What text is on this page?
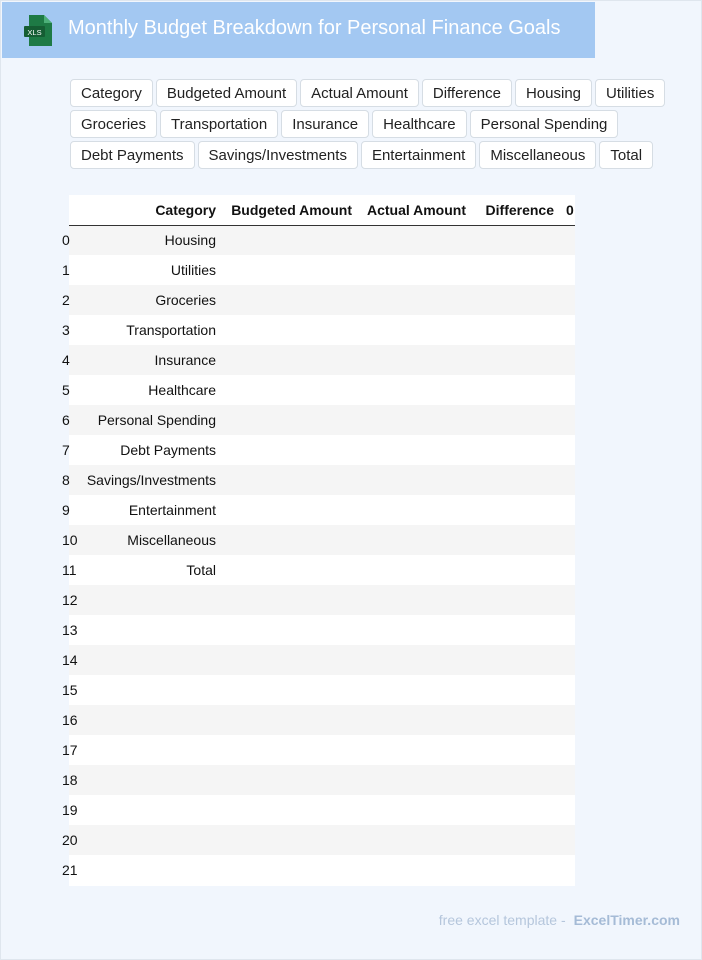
XLS Monthly Budget Breakdown for Personal Finance Goals
Category	Budgeted Amount	Actual Amount	Difference	Housing	Utilities
Groceries	Transportation	Insurance	Healthcare	Personal Spending
Debt Payments	Savings/Investments	Entertainment	Miscellaneous	Total
	Category	Budgeted Amount	Actual Amount	Difference	0
0	Housing				
1	Utilities				
2	Groceries				
3	Transportation				
4	Insurance				
5	Healthcare				
6	Personal Spending				
7	Debt Payments				
8	Savings/Investments				
9	Entertainment				
10	Miscellaneous				
11	Total				
12					
13					
14					
15					
16					
17					
18					
19					
20					
21					
free excel template - ExcelTimer.com
